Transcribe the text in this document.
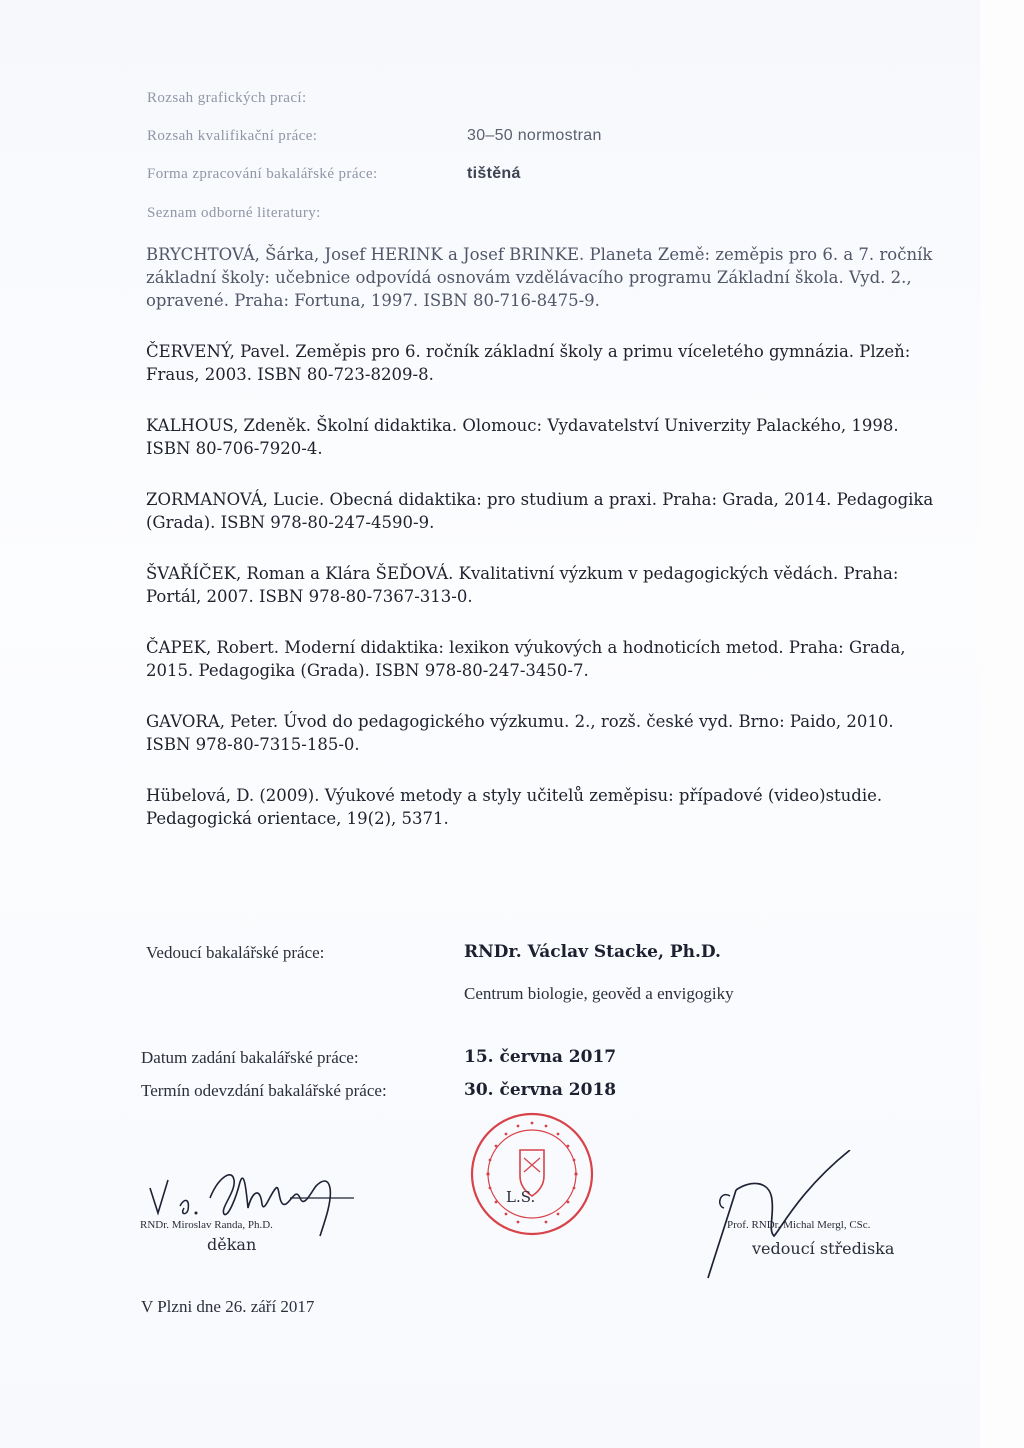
Rozsah grafických prací:
Rozsah kvalifikační práce:	30–50 normostran
Forma zpracování bakalářské práce:	tištěná
Seznam odborné literatury:

BRYCHTOVÁ, Šárka, Josef HERINK a Josef BRINKE. Planeta Země: zeměpis pro 6. a 7. ročník základní školy: učebnice odpovídá osnovám vzdělávacího programu Základní škola. Vyd. 2., opravené. Praha: Fortuna, 1997. ISBN 80-716-8475-9.

ČERVENÝ, Pavel. Zeměpis pro 6. ročník základní školy a primu víceletého gymnázia. Plzeň: Fraus, 2003. ISBN 80-723-8209-8.

KALHOUS, Zdeněk. Školní didaktika. Olomouc: Vydavatelství Univerzity Palackého, 1998. ISBN 80-706-7920-4.

ZORMANOVÁ, Lucie. Obecná didaktika: pro studium a praxi. Praha: Grada, 2014. Pedagogika (Grada). ISBN 978-80-247-4590-9.

ŠVAŘÍČEK, Roman a Klára ŠEĎOVÁ. Kvalitativní výzkum v pedagogických vědách. Praha: Portál, 2007. ISBN 978-80-7367-313-0.

ČAPEK, Robert. Moderní didaktika: lexikon výukových a hodnoticích metod. Praha: Grada, 2015. Pedagogika (Grada). ISBN 978-80-247-3450-7.

GAVORA, Peter. Úvod do pedagogického výzkumu. 2., rozš. české vyd. Brno: Paido, 2010. ISBN 978-80-7315-185-0.

Hübelová, D. (2009). Výukové metody a styly učitelů zeměpisu: případové (video)studie. Pedagogická orientace, 19(2), 5371.

Vedoucí bakalářské práce:	RNDr. Václav Stacke, Ph.D.
Centrum biologie, geověd a envigogiky
Datum zadání bakalářské práce:	15. června 2017
Termín odevzdání bakalářské práce:	30. června 2018
RNDr. Miroslav Randa, Ph.D.
děkan
L.S.
Prof. RNDr. Michal Mergl, CSc.
vedoucí střediska
V Plzni dne 26. září 2017
